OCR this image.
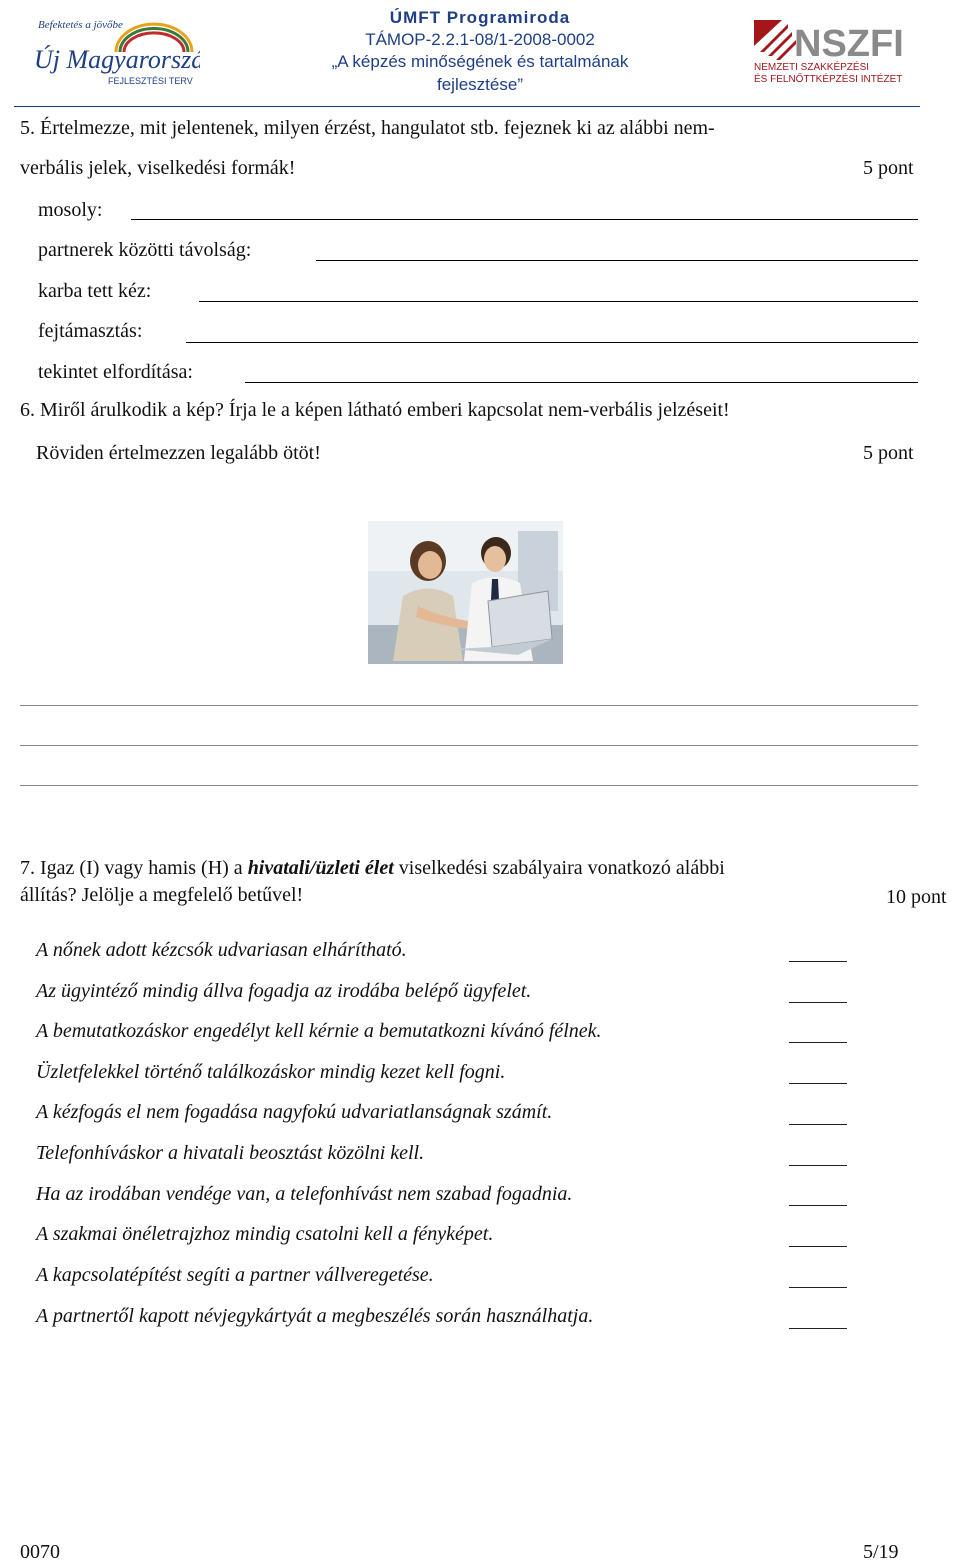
Befektetés a jövőbe
Új Magyarország
FEJLESZTÉSI TERV
ÚMFT Programiroda
TÁMOP-2.2.1-08/1-2008-0002
„A képzés minőségének és tartalmának
fejlesztése”
NSZFI
NEMZETI SZAKKÉPZÉSI
ÉS FELNŐTTKÉPZÉSI INTÉZET
5. Értelmezze, mit jelentenek, milyen érzést, hangulatot stb. fejeznek ki az alábbi nem-
verbális jelek, viselkedési formák!	5 pont
mosoly:
partnerek közötti távolság:
karba tett kéz:
fejtámasztás:
tekintet elfordítása:
6. Miről árulkodik a kép? Írja le a képen látható emberi kapcsolat nem-verbális jelzéseit!
Röviden értelmezzen legalább ötöt!	5 pont
7. Igaz (I) vagy hamis (H) a hivatali/üzleti élet viselkedési szabályaira vonatkozó alábbi
állítás? Jelölje a megfelelő betűvel!	10 pont
A nőnek adott kézcsók udvariasan elhárítható.
Az ügyintéző mindig állva fogadja az irodába belépő ügyfelet.
A bemutatkozáskor engedélyt kell kérnie a bemutatkozni kívánó félnek.
Üzletfelekkel történő találkozáskor mindig kezet kell fogni.
A kézfogás el nem fogadása nagyfokú udvariatlanságnak számít.
Telefonhíváskor a hivatali beosztást közölni kell.
Ha az irodában vendége van, a telefonhívást nem szabad fogadnia.
A szakmai önéletrajzhoz mindig csatolni kell a fényképet.
A kapcsolatépítést segíti a partner vállveregetése.
A partnertől kapott névjegykártyát a megbeszélés során használhatja.
0070	5/19
